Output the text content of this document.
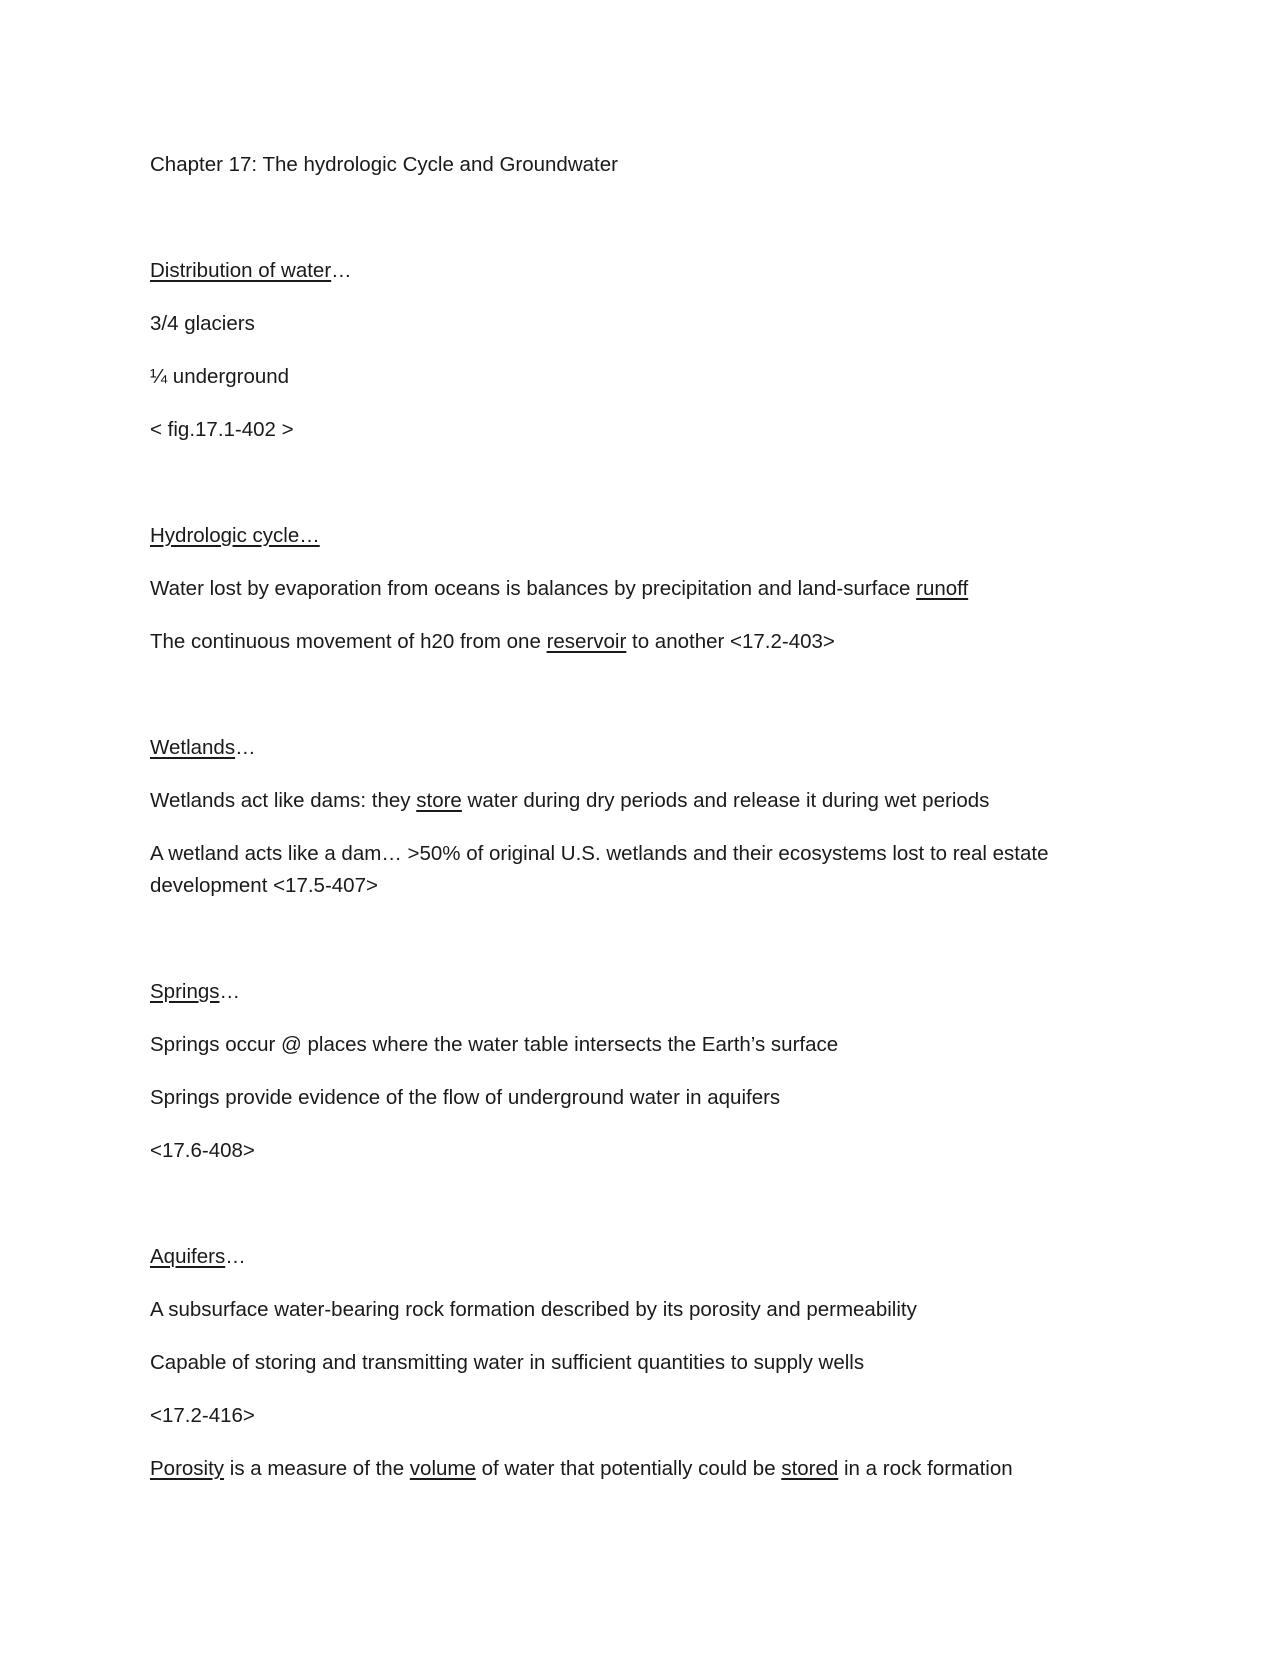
Chapter 17: The hydrologic Cycle and Groundwater

Distribution of water…

3/4 glaciers

¼ underground

< fig.17.1-402 >

Hydrologic cycle…

Water lost by evaporation from oceans is balances by precipitation and land-surface runoff

The continuous movement of h20 from one reservoir to another <17.2-403>

Wetlands…

Wetlands act like dams: they store water during dry periods and release it during wet periods

A wetland acts like a dam… >50% of original U.S. wetlands and their ecosystems lost to real estate development <17.5-407>

Springs…

Springs occur @ places where the water table intersects the Earth’s surface

Springs provide evidence of the flow of underground water in aquifers

<17.6-408>

Aquifers…

A subsurface water-bearing rock formation described by its porosity and permeability

Capable of storing and transmitting water in sufficient quantities to supply wells

<17.2-416>

Porosity is a measure of the volume of water that potentially could be stored in a rock formation
